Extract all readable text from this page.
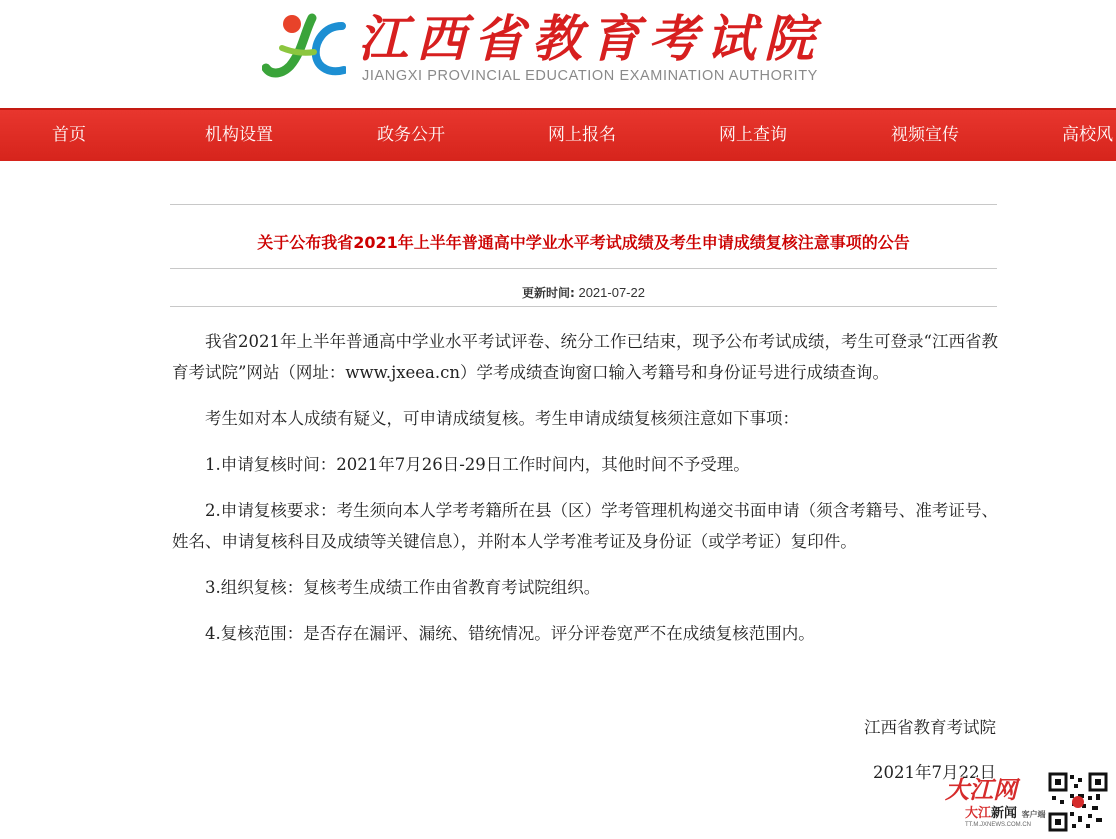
江西省教育考试院
JIANGXI PROVINCIAL EDUCATION EXAMINATION AUTHORITY
首页	机构设置	政务公开	网上报名	网上查询	视频宣传	高校风
关于公布我省2021年上半年普通高中学业水平考试成绩及考生申请成绩复核注意事项的公告
更新时间: 2021-07-22

我省2021年上半年普通高中学业水平考试评卷、统分工作已结束，现予公布考试成绩，考生可登录“江西省教育考试院”网站（网址：www.jxeea.cn）学考成绩查询窗口输入考籍号和身份证号进行成绩查询。

考生如对本人成绩有疑义，可申请成绩复核。考生申请成绩复核须注意如下事项：

1.申请复核时间：2021年7月26日-29日工作时间内，其他时间不予受理。

2.申请复核要求：考生须向本人学考考籍所在县（区）学考管理机构递交书面申请（须含考籍号、准考证号、姓名、申请复核科目及成绩等关键信息），并附本人学考准考证及身份证（或学考证）复印件。

3.组织复核：复核考生成绩工作由省教育考试院组织。

4.复核范围：是否存在漏评、漏统、错统情况。评分评卷宽严不在成绩复核范围内。

江西省教育考试院
2021年7月22日
大江网
大江新闻 客户端
TT.M.JXNEWS.COM.CN
